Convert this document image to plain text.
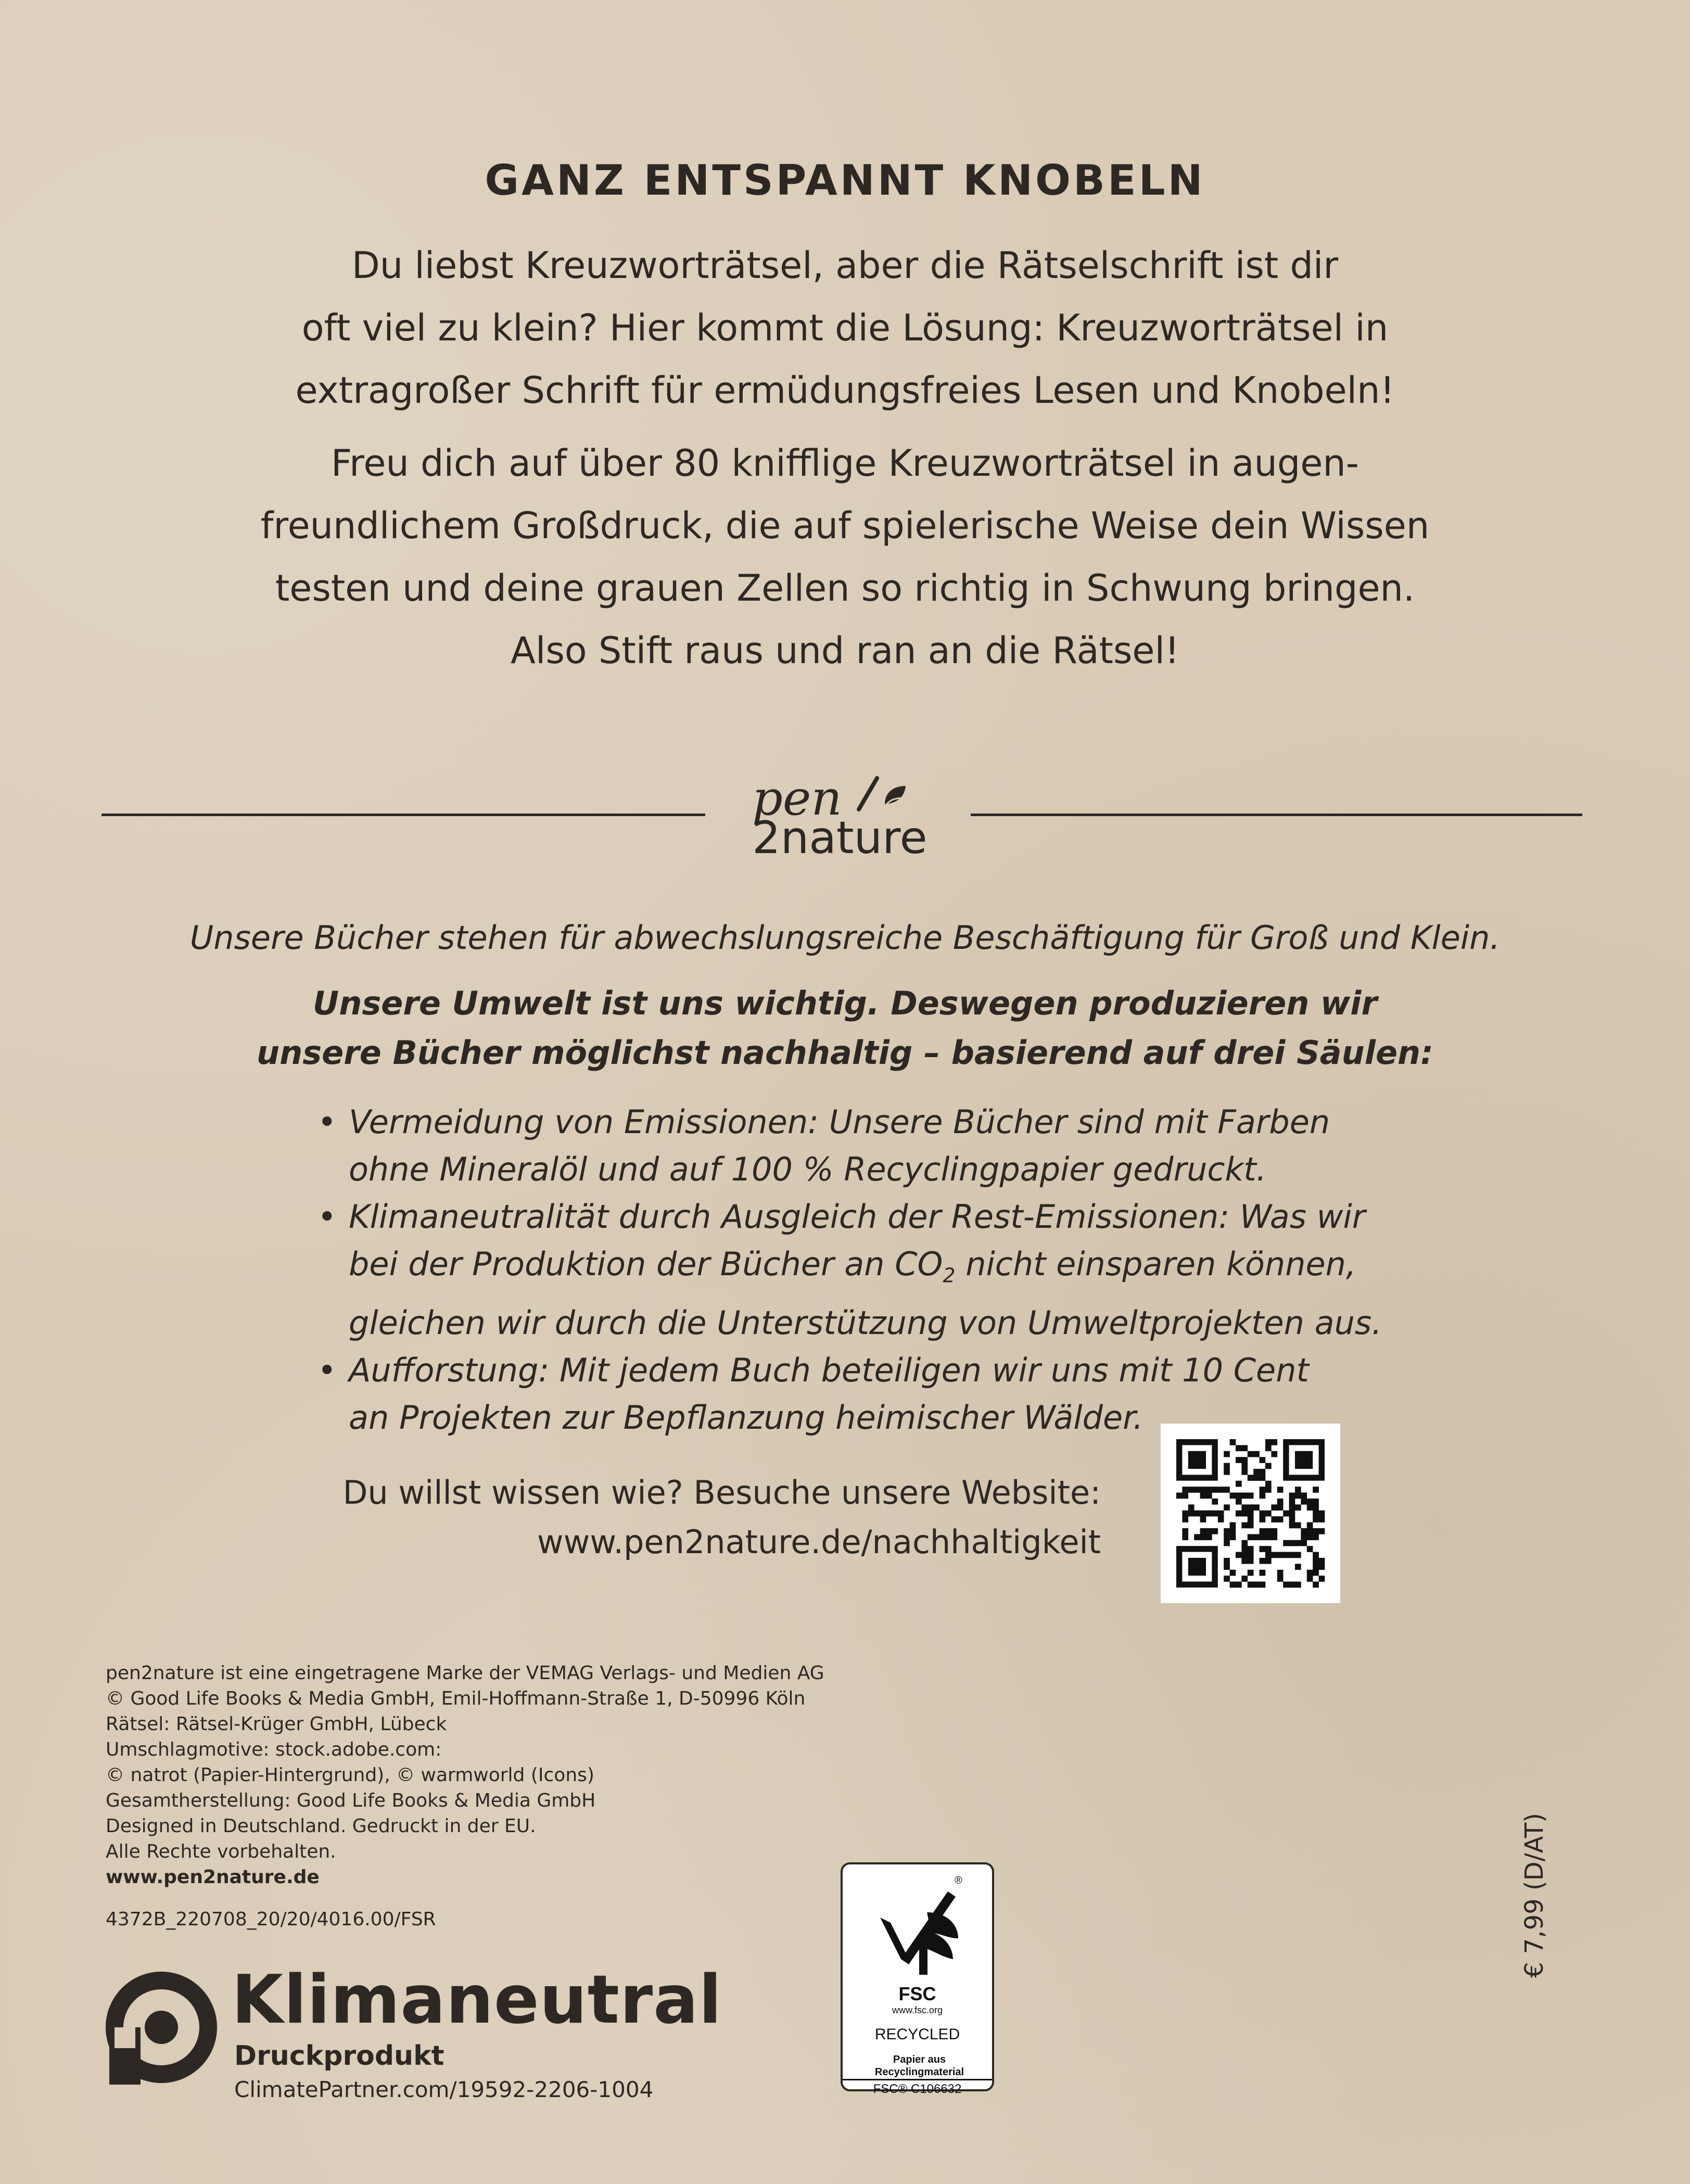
GANZ ENTSPANNT KNOBELN
Du liebst Kreuzworträtsel, aber die Rätselschrift ist dir
oft viel zu klein? Hier kommt die Lösung: Kreuzworträtsel in
extragroßer Schrift für ermüdungsfreies Lesen und Knobeln!
Freu dich auf über 80 knifflige Kreuzworträtsel in augen-
freundlichem Großdruck, die auf spielerische Weise dein Wissen
testen und deine grauen Zellen so richtig in Schwung bringen.
Also Stift raus und ran an die Rätsel!
pen
2nature
Unsere Bücher stehen für abwechslungsreiche Beschäftigung für Groß und Klein.
Unsere Umwelt ist uns wichtig. Deswegen produzieren wir
unsere Bücher möglichst nachhaltig – basierend auf drei Säulen:
• Vermeidung von Emissionen: Unsere Bücher sind mit Farben
ohne Mineralöl und auf 100 % Recyclingpapier gedruckt.
• Klimaneutralität durch Ausgleich der Rest-Emissionen: Was wir
bei der Produktion der Bücher an $CO_2$ nicht einsparen können,
gleichen wir durch die Unterstützung von Umweltprojekten aus.
• Aufforstung: Mit jedem Buch beteiligen wir uns mit 10 Cent
an Projekten zur Bepflanzung heimischer Wälder.
Du willst wissen wie? Besuche unsere Website:
www.pen2nature.de/nachhaltigkeit
pen2nature ist eine eingetragene Marke der VEMAG Verlags- und Medien AG
© Good Life Books & Media GmbH, Emil-Hoffmann-Straße 1, D-50996 Köln
Rätsel: Rätsel-Krüger GmbH, Lübeck
Umschlagmotive: stock.adobe.com:
© natrot (Papier-Hintergrund), © warmworld (Icons)
Gesamtherstellung: Good Life Books & Media GmbH
Designed in Deutschland. Gedruckt in der EU.
Alle Rechte vorbehalten.
www.pen2nature.de
4372B_220708_20/20/4016.00/FSR
Klimaneutral
Druckprodukt
ClimatePartner.com/19592-2206-1004
®
FSC
www.fsc.org
RECYCLED
Papier aus
Recyclingmaterial
FSC® C106632
€ 7,99 (D/AT)
